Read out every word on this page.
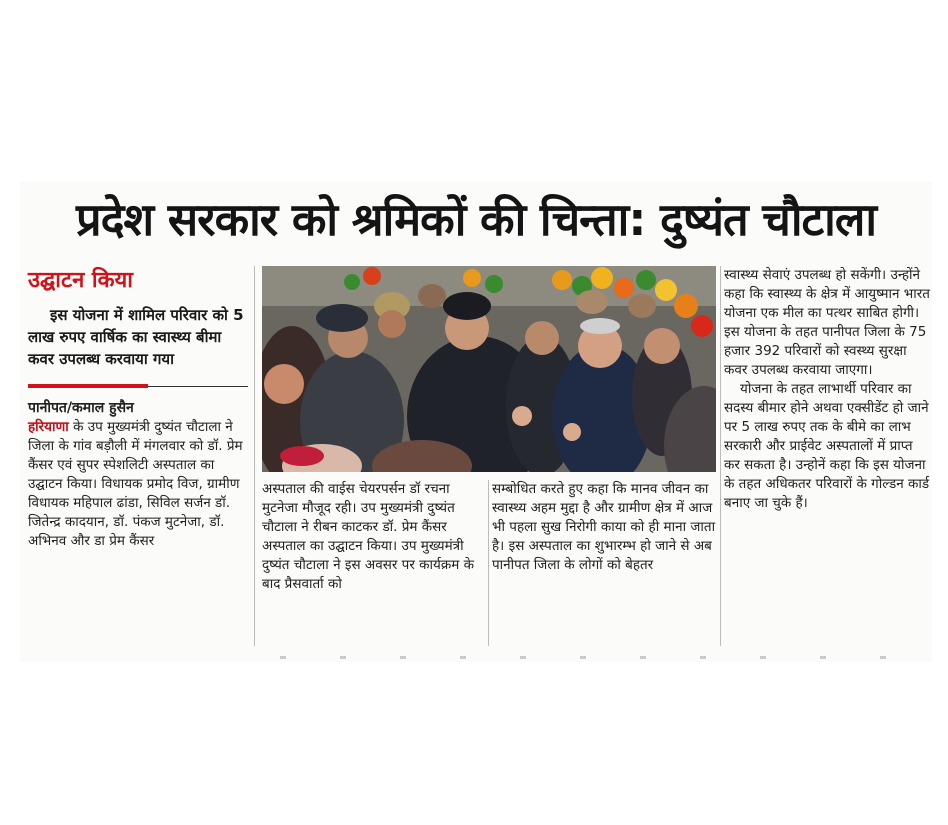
प्रदेश सरकार को श्रमिकों की चिन्ता: दुष्यंत चौटाला
उद्घाटन किया
इस योजना में शामिल परिवार को 5 लाख रुपए वार्षिक का स्वास्थ्य बीमा कवर उपलब्ध करवाया गया
पानीपत/कमाल हुसैन

हरियाणा के उप मुख्यमंत्री दुष्यंत चौटाला ने जिला के गांव बड़ौली में मंगलवार को डॉ. प्रेम कैंसर एवं सुपर स्पेशलिटी अस्पताल का उद्घाटन किया। विधायक प्रमोद विज, ग्रामीण विधायक महिपाल ढांडा, सिविल सर्जन डॉ. जितेन्द्र कादयान, डॉ. पंकज मुटनेजा, डॉ. अभिनव और डा प्रेम कैंसर

अस्पताल की वाईस चेयरपर्सन डॉ रचना मुटनेजा मौजूद रही। उप मुख्यमंत्री दुष्यंत चौटाला ने रीबन काटकर डॉ. प्रेम कैंसर अस्पताल का उद्घाटन किया। उप मुख्यमंत्री दुष्यंत चौटाला ने इस अवसर पर कार्यक्रम के बाद प्रैसवार्ता को

सम्बोधित करते हुए कहा कि मानव जीवन का स्वास्थ्य अहम मुद्दा है और ग्रामीण क्षेत्र में आज भी पहला सुख निरोगी काया को ही माना जाता है। इस अस्पताल का शुभारम्भ हो जाने से अब पानीपत जिला के लोगों को बेहतर

स्वास्थ्य सेवाएं उपलब्ध हो सकेंगी। उन्होंने कहा कि स्वास्थ्य के क्षेत्र में आयुष्मान भारत योजना एक मील का पत्थर साबित होगी। इस योजना के तहत पानीपत जिला के 75 हजार 392 परिवारों को स्वस्थ्य सुरक्षा कवर उपलब्ध करवाया जाएगा।

योजना के तहत लाभार्थी परिवार का सदस्य बीमार होने अथवा एक्सीडेंट हो जाने पर 5 लाख रुपए तक के बीमे का लाभ सरकारी और प्राईवेट अस्पतालों में प्राप्त कर सकता है। उन्होनें कहा कि इस योजना के तहत अधिकतर परिवारों के गोल्डन कार्ड बनाए जा चुके हैं।
